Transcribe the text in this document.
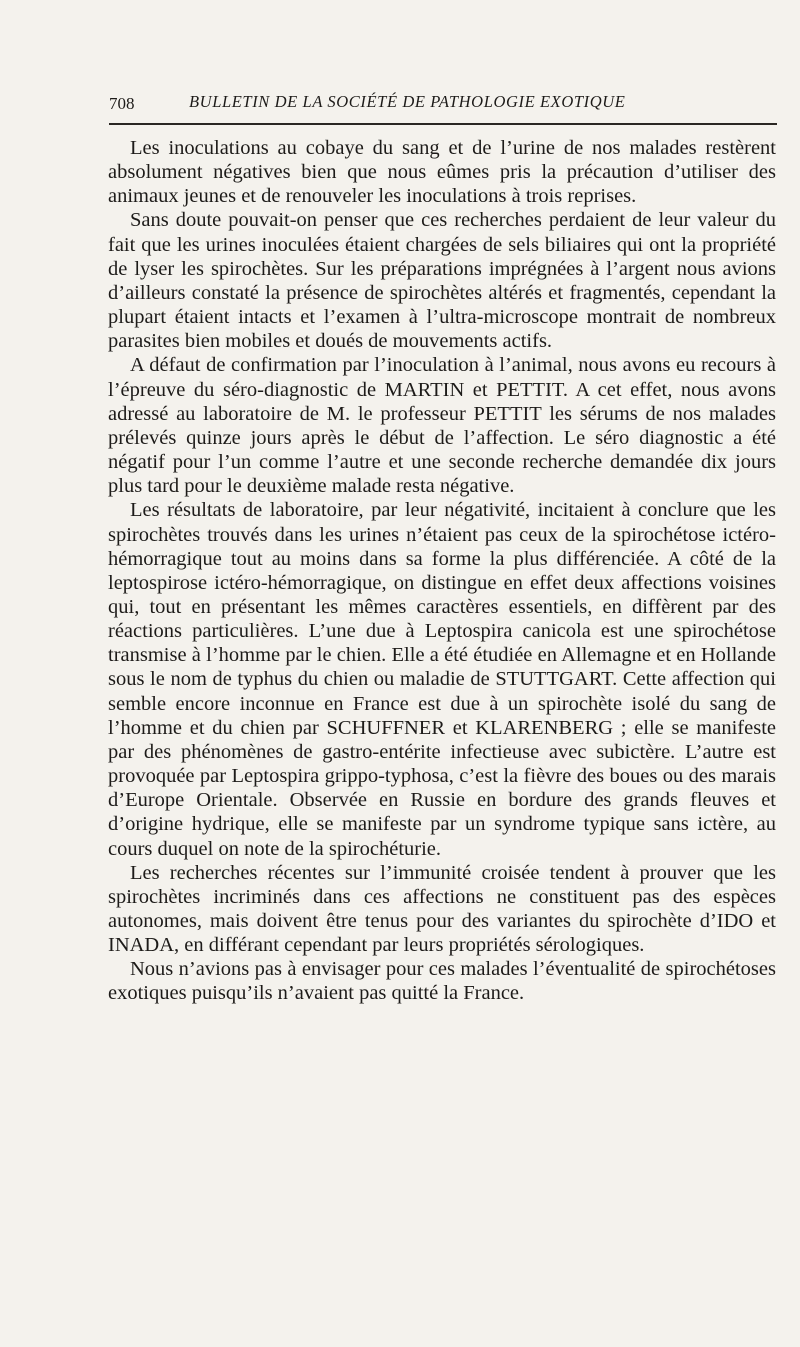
708	BULLETIN DE LA SOCIÉTÉ DE PATHOLOGIE EXOTIQUE

Les inoculations au cobaye du sang et de l’urine de nos malades restèrent absolument négatives bien que nous eûmes pris la précaution d’utiliser des animaux jeunes et de renouveler les inoculations à trois reprises.

Sans doute pouvait-on penser que ces recherches perdaient de leur valeur du fait que les urines inoculées étaient chargées de sels biliaires qui ont la propriété de lyser les spirochètes. Sur les préparations imprégnées à l’argent nous avions d’ailleurs constaté la présence de spirochètes altérés et fragmentés, cependant la plupart étaient intacts et l’examen à l’ultra-microscope montrait de nombreux parasites bien mobiles et doués de mouvements actifs.

A défaut de confirmation par l’inoculation à l’animal, nous avons eu recours à l’épreuve du séro-diagnostic de MARTIN et PETTIT. A cet effet, nous avons adressé au laboratoire de M. le professeur PETTIT les sérums de nos malades prélevés quinze jours après le début de l’affection. Le séro diagnostic a été négatif pour l’un comme l’autre et une seconde recherche demandée dix jours plus tard pour le deuxième malade resta négative.

Les résultats de laboratoire, par leur négativité, incitaient à conclure que les spirochètes trouvés dans les urines n’étaient pas ceux de la spirochétose ictéro-hémorragique tout au moins dans sa forme la plus différenciée. A côté de la leptospirose ictéro-hémorragique, on distingue en effet deux affections voisines qui, tout en présentant les mêmes caractères essentiels, en diffèrent par des réactions particulières. L’une due à Leptospira canicola est une spirochétose transmise à l’homme par le chien. Elle a été étudiée en Allemagne et en Hollande sous le nom de typhus du chien ou maladie de STUTTGART. Cette affection qui semble encore inconnue en France est due à un spirochète isolé du sang de l’homme et du chien par SCHUFFNER et KLARENBERG ; elle se manifeste par des phénomènes de gastro-entérite infectieuse avec subictère. L’autre est provoquée par Leptospira grippo-typhosa, c’est la fièvre des boues ou des marais d’Europe Orientale. Observée en Russie en bordure des grands fleuves et d’origine hydrique, elle se manifeste par un syndrome typique sans ictère, au cours duquel on note de la spirochéturie.

Les recherches récentes sur l’immunité croisée tendent à prouver que les spirochètes incriminés dans ces affections ne constituent pas des espèces autonomes, mais doivent être tenus pour des variantes du spirochète d’IDO et INADA, en différant cependant par leurs propriétés sérologiques.

Nous n’avions pas à envisager pour ces malades l’éventualité de spirochétoses exotiques puisqu’ils n’avaient pas quitté la France.
